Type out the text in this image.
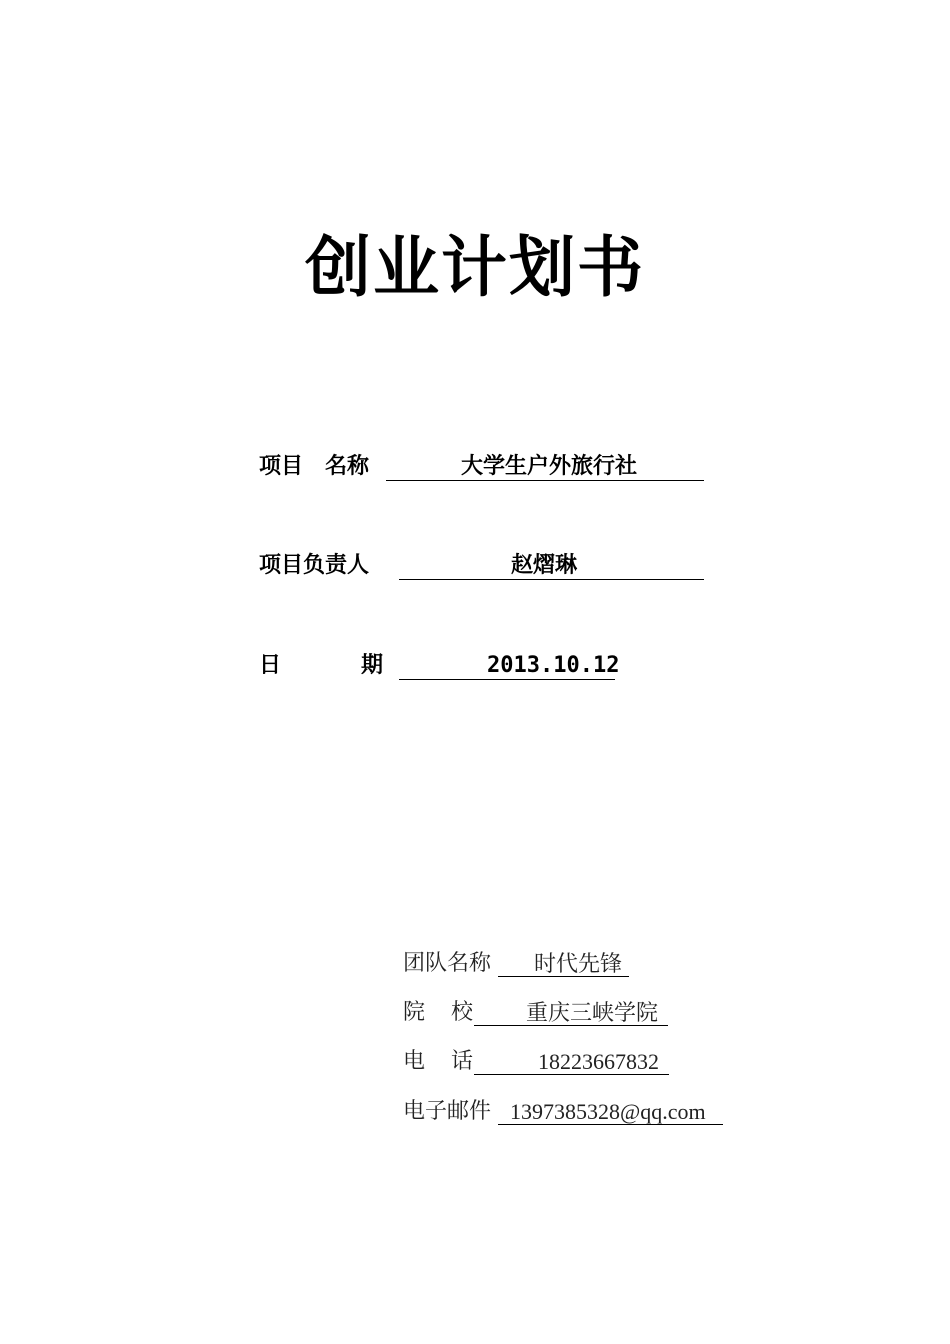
创业计划书
项目　名称	大学生户外旅行社
项目负责人	赵熠琳
日	期	2013.10.12
团队名称 时代先锋
院 校 重庆三峡学院
电 话	18223667832
电子邮件 1397385328@qq.com
